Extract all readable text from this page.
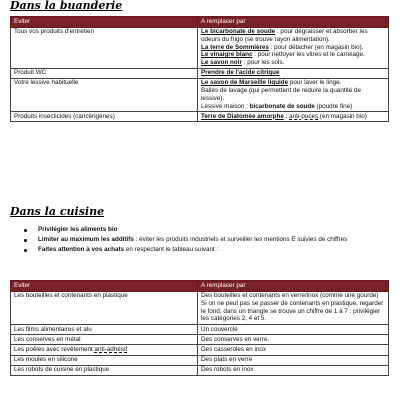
Dans la buanderie
Eviter	A remplacer par
Tous vos produits d'entretien	Le bicarbonate de soude : pour dégraisser et absorber les odeurs du frigo (se trouve rayon alimentation).
La terre de Sommières : pour détacher (en magasin bio).
Le vinaigre blanc : pour nettoyer les vitres et le carrelage.
Le savon noir : pour les sols.

Produit WC	Prendre de l'acide citrique

Votre lessive habituelle	Le savon de Marseille liquide pour laver le linge.
Balles de lavage (qui permettent de réduire la quantité de lessive).
Lessive maison : bicarbonate de soude (poudre fine)

Produits insecticides (cancérigènes)	Terre de Diatomée amorphe : anti-puces (en magasin bio)
Dans la cuisine
Privilégier les aliments bio
Limiter au maximum les additifs : éviter les produits industriels et surveiller les mentions E suivies de chiffres
Faites attention à vos achats en respectant le tableau suivant :
Eviter	A remplacer par
Les bouteilles et contenants en plastique	Des bouteilles et contenants en verre/inox (comme une gourde)
Si on ne peut pas se passer de contenants en plastique, regarder le fond, dans un triangle se trouve un chiffre de 1 à 7 : privilégier les catégories 2, 4 et 5.

Les films alimentaires et alu	Un couvercle
Les conserves en métal	Des conserves en verre.
Les poêles avec revêtement anti-adhésif	Des casseroles en inox
Les moules en silicone	Des plats en verre
Les robots de cuisine en plastique	Des robots en inox
